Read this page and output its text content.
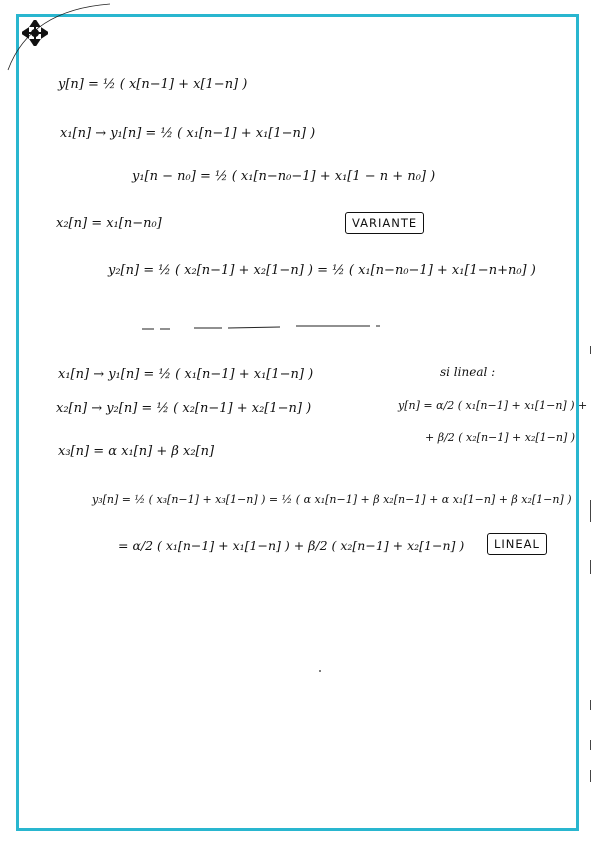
y[n] = ½ ( x[n−1] + x[1−n] )
x₁[n] → y₁[n] = ½ ( x₁[n−1] + x₁[1−n] )
y₁[n − n₀] = ½ ( x₁[n−n₀−1] + x₁[1 − n + n₀] )
x₂[n] = x₁[n−n₀]	VARIANTE
y₂[n] = ½ ( x₂[n−1] + x₂[1−n] ) = ½ ( x₁[n−n₀−1] + x₁[1−n+n₀] )
x₁[n] → y₁[n] = ½ ( x₁[n−1] + x₁[1−n] )
x₂[n] → y₂[n] = ½ ( x₂[n−1] + x₂[1−n] )
x₃[n] = α x₁[n] + β x₂[n]
si lineal :
y[n] = α/2 ( x₁[n−1] + x₁[1−n] ) +
+ β/2 ( x₂[n−1] + x₂[1−n] )
y₃[n] = ½ ( x₃[n−1] + x₃[1−n] ) = ½ ( α x₁[n−1] + β x₂[n−1] + α x₁[1−n] + β x₂[1−n] )
= α/2 ( x₁[n−1] + x₁[1−n] ) + β/2 ( x₂[n−1] + x₂[1−n] )	LINEAL
